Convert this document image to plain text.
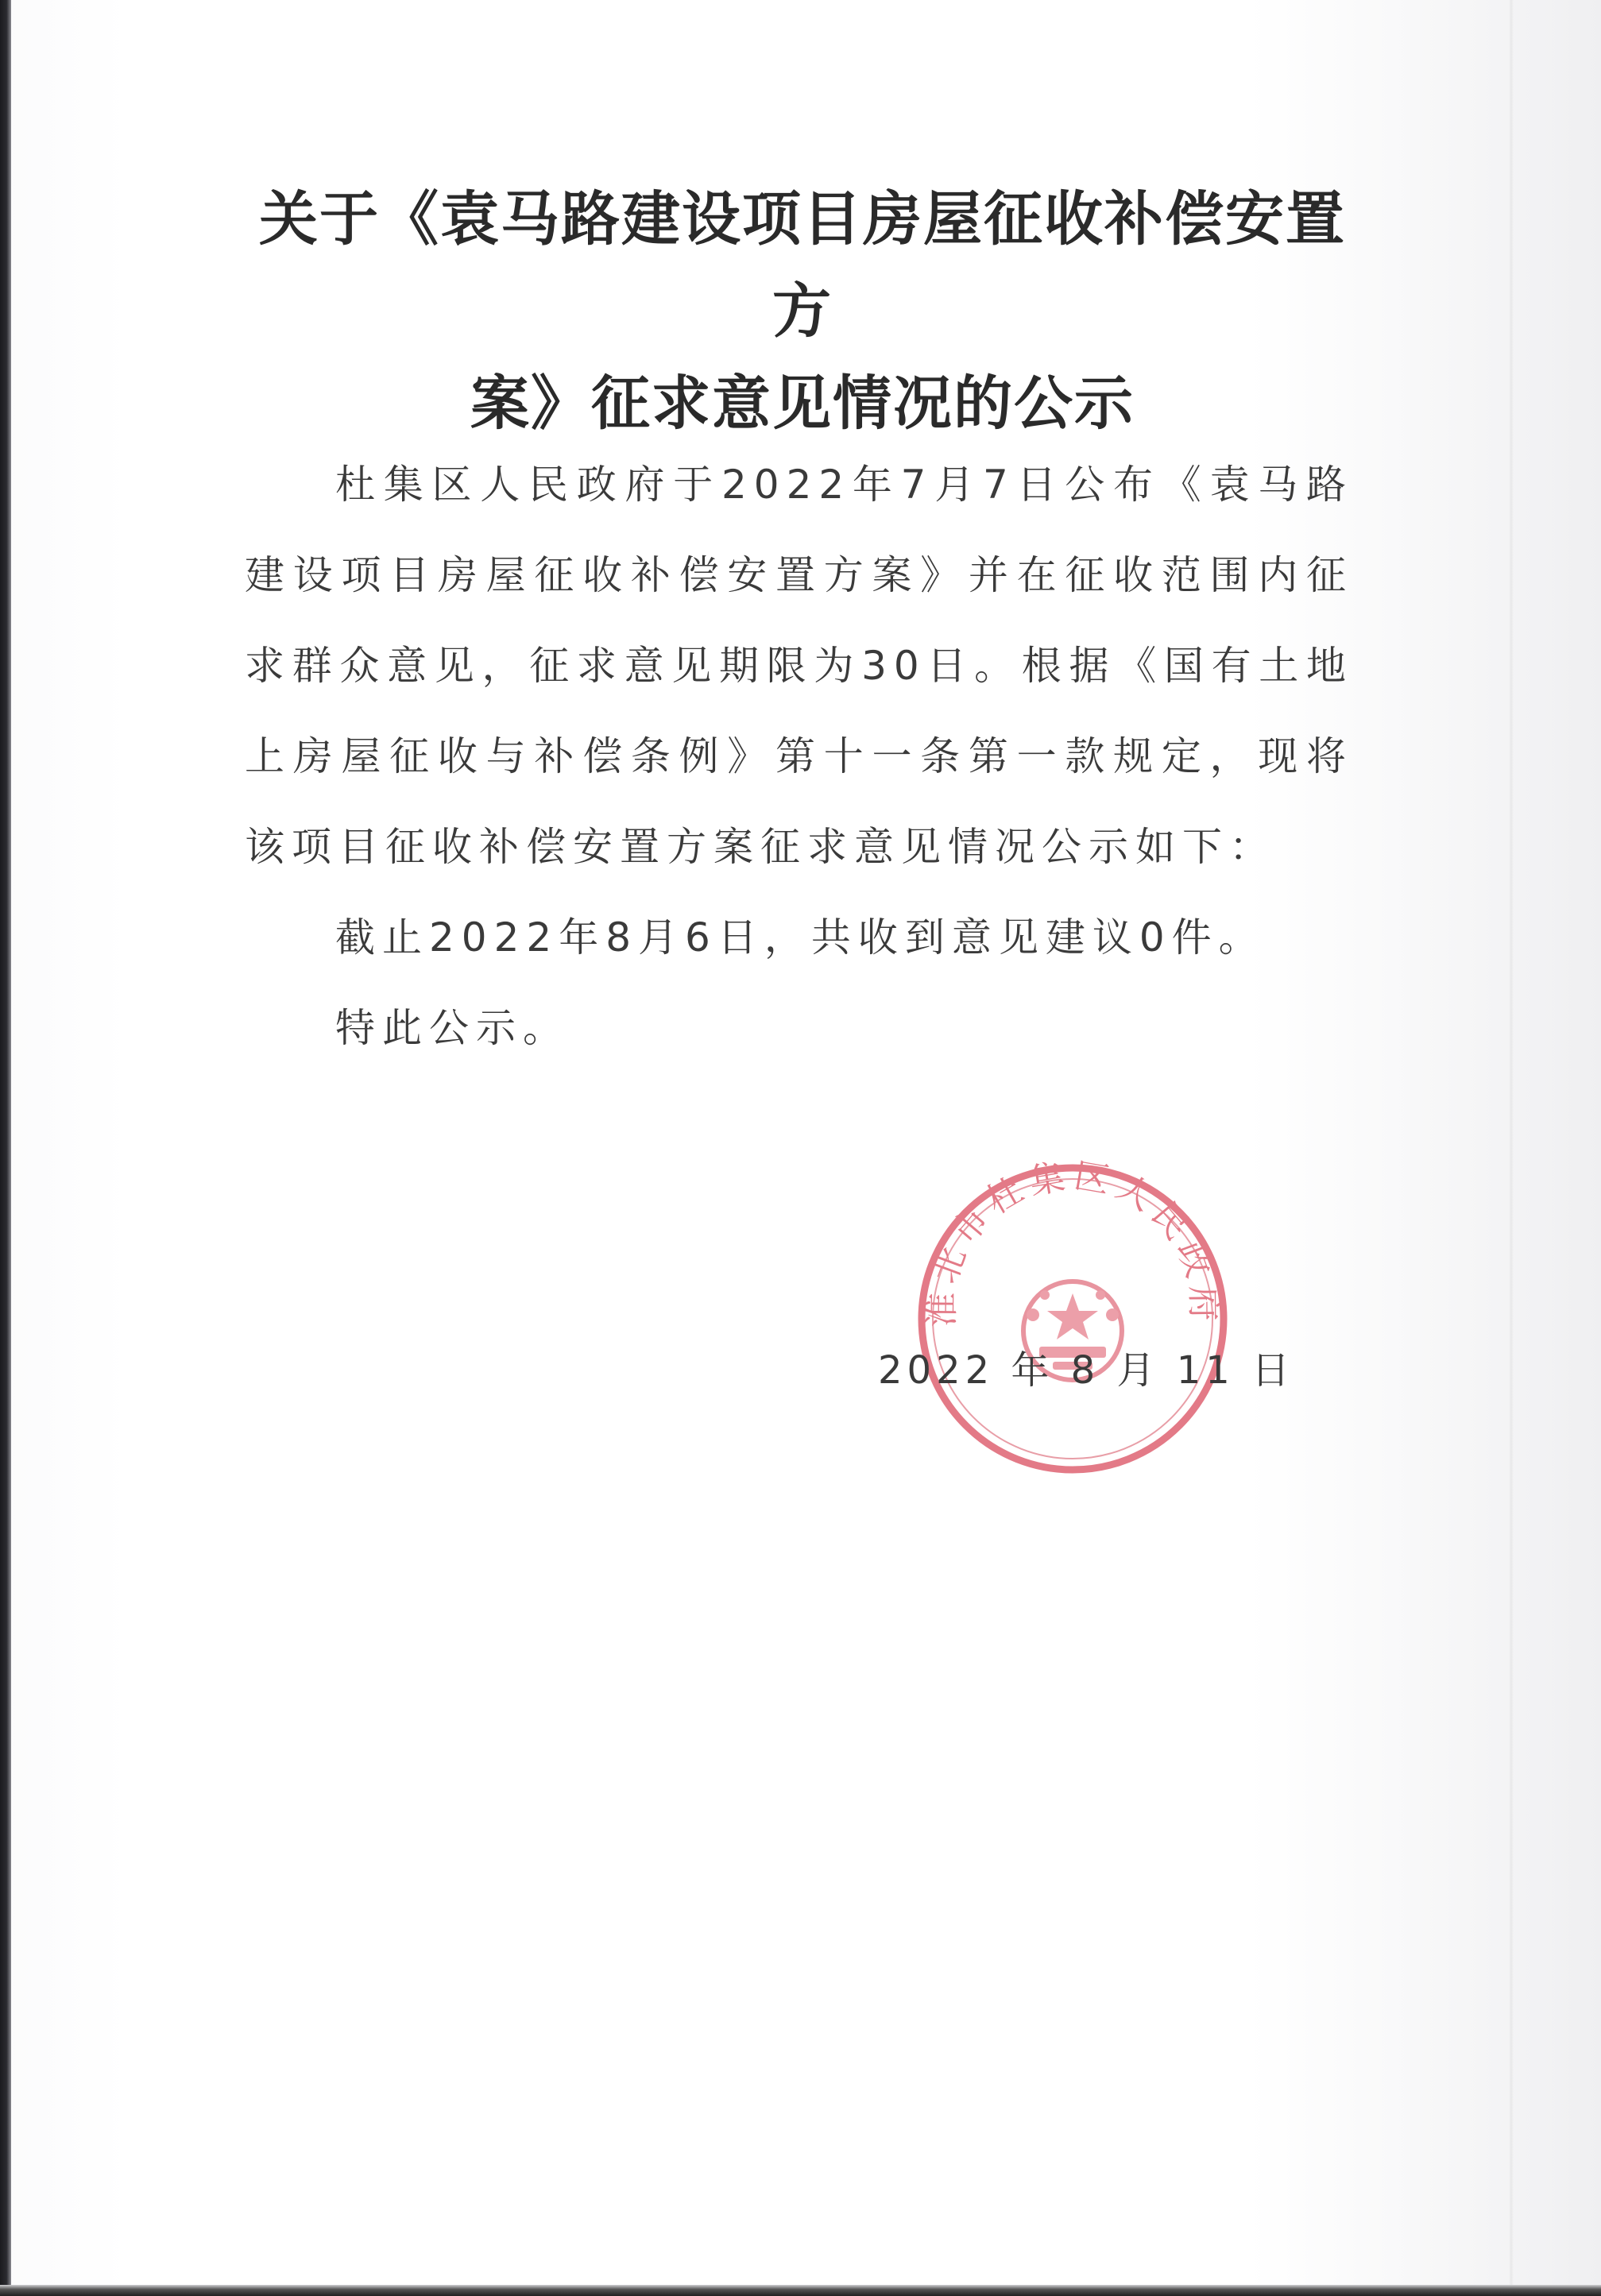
关于《袁马路建设项目房屋征收补偿安置方
案》征求意见情况的公示

杜集区人民政府于2022年7月7日公布《袁马路建设项目房屋征收补偿安置方案》并在征收范围内征求群众意见，征求意见期限为30日。根据《国有土地上房屋征收与补偿条例》第十一条第一款规定，现将该项目征收补偿安置方案征求意见情况公示如下：

截止2022年8月6日，共收到意见建议0件。

特此公示。

淮北市杜集区人民政府
2022 年 8 月 11 日
